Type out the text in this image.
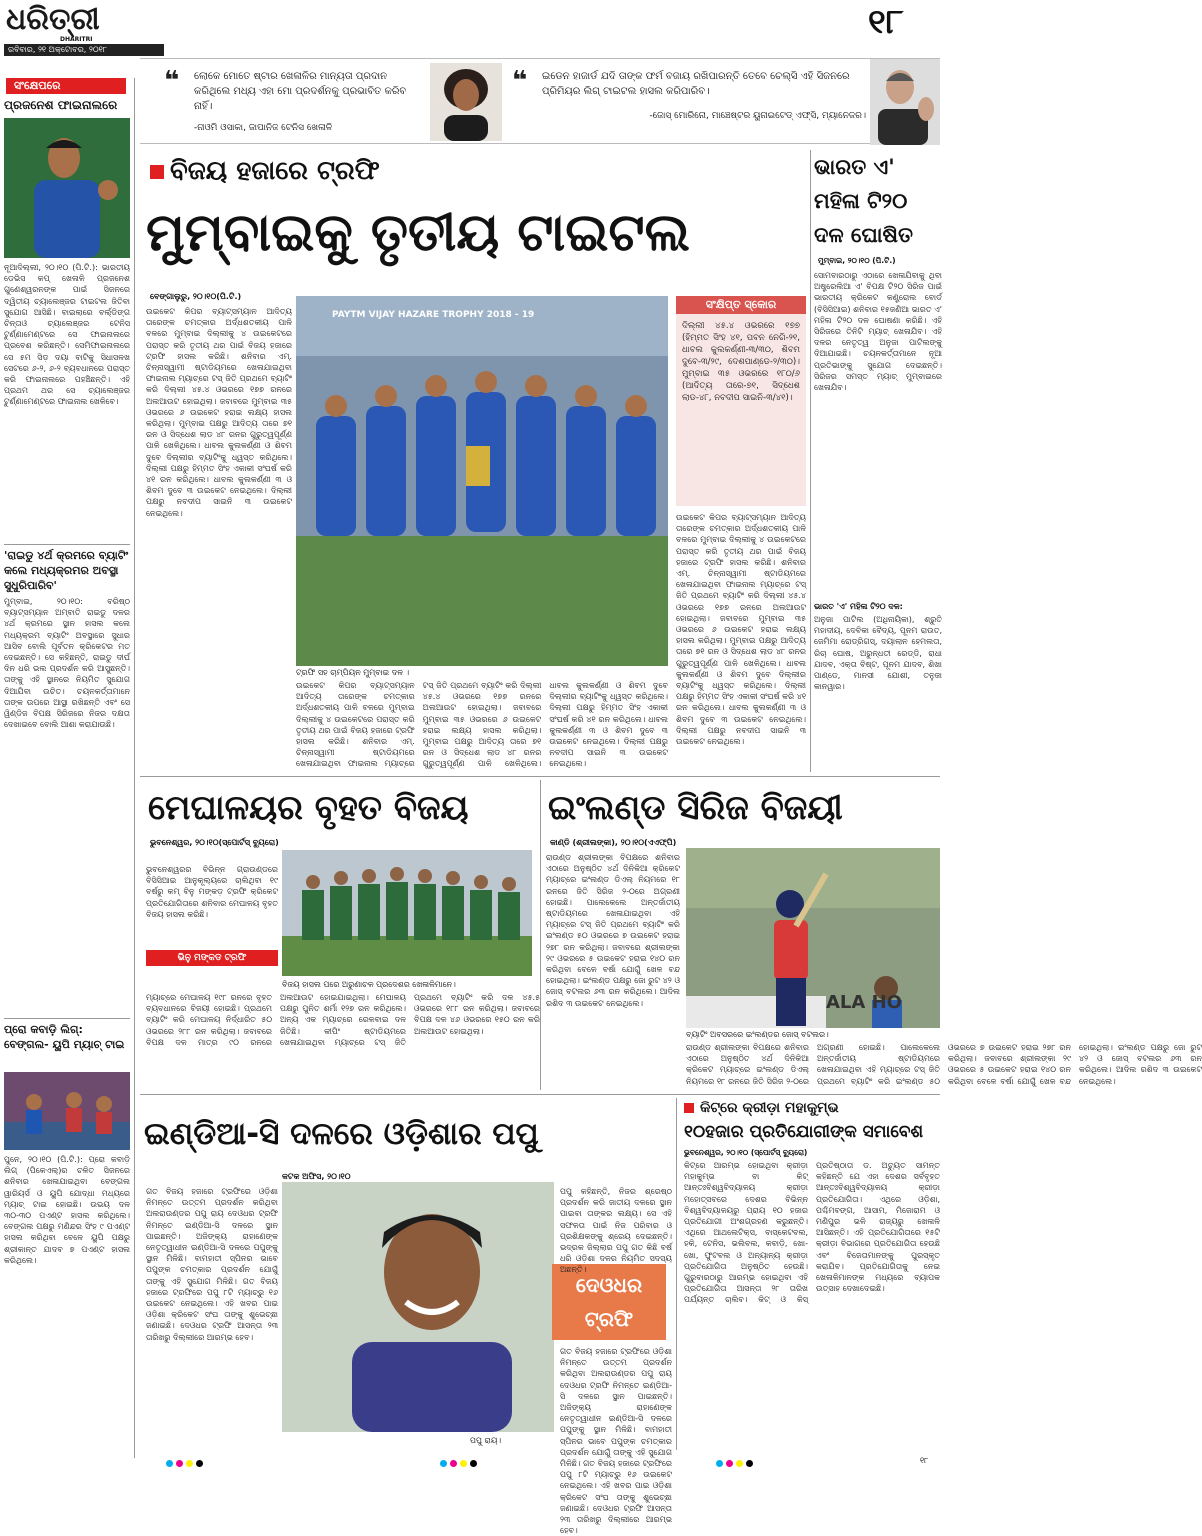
ଧରିତ୍ରୀ
DHARITRI
ରବିବାର, ୨୧ ଅକ୍ଟୋବର, ୨୦୧୮
୧୮
❝ ଲୋକେ ମୋତେ ଷ୍ଟାର ଖେଳାଳିର ମାନ୍ୟତା ପ୍ରଦାନ କରିଥିଲେ ମଧ୍ୟ ଏହା ମୋ ପ୍ରଦର୍ଶନକୁ ପ୍ରଭାବିତ କରିବ ନାହିଁ।
-ନାଓମି ଓସାକା, ଜାପାନିଜ ଟେନିସ ଖେଳାଳି
❝ ଇଡେନ ହାଜାର୍ଡ ଯଦି ତାଙ୍କ ଫର୍ମ ବଜାୟ ରଖିପାରନ୍ତି ତେବେ ଚେଲ୍ସି ଏହି ସିଜନରେ ପ୍ରିମିୟର ଲିଗ୍ ଟାଇଟଲ ହାସଲ କରିପାରିବ।
-ଜୋସ୍ ମୋରିନୋ, ମାଞ୍ଚେଷ୍ଟର ୟୁନାଇଟେଡ୍ ଏଫ୍‌ସି, ମ୍ୟାନେଜର।
ସଂକ୍ଷେପରେ
ପ୍ରଜନେଶ ଫାଇନାଲରେ
ନୂଆଦିଲ୍ଲୀ, ୨୦।୧୦ (ପି.ଟି.): ଭାରତୀୟ ଡେଭିସ କପ୍ ଖେଳାଳି ପ୍ରଜନେଶ ଗୁଣେଶ୍ୱରନଙ୍କ ପାଇଁ ସିଜନରେ ଦ୍ୱିତୀୟ ଚ୍ୟାଲେଞ୍ଜର ଟାଇଟଲ ଜିତିବା ସୁଯୋଗ ଆସିଛି। ବାଇଲାରେ ବର୍ଲ୍ଡିଙ୍ଗ ଚିନ୍ତାଓ ଚ୍ୟାଲେଞ୍ଜର ଟେନିସ ଟୁର୍ଣ୍ଣାମେଣ୍ଟରେ ସେ ଫାଇନାଲରେ ପ୍ରବେଶ କରିଛନ୍ତି। ସେମିଫାଇନାଲରେ ସେ ୫ମ ସିଡ଼ ଦୟା ବାଟିକୁ ସିଧାସଳଖ ସେଟରେ ୬-୨, ୬-୨ ବ୍ୟବଧାନରେ ପରାସ୍ତ କରି ଫାଇନାଲରେ ପହଞ୍ଚିଛନ୍ତି। ଏହି ପ୍ରଥମ ଥର ସେ ଚ୍ୟାଲେଞ୍ଜର ଟୁର୍ଣ୍ଣାମେଣ୍ଟରେ ଫାଇନାଲ ଖେଳିବେ।
'ରାଇଡୁ ୪ର୍ଥ କ୍ରମରେ ବ୍ୟାଟିଂ କଲେ ମଧ୍ୟକ୍ରମର ଅବସ୍ଥା ସୁଧୁରିପାରିବ'
ମୁମ୍ବାଇ, ୨୦।୧୦: ବରିଷ୍ଠ ବ୍ୟାଟ୍ସମ୍ୟାନ ଅମ୍ବାତି ରାଇଡୁ ଦଳର ୪ର୍ଥ କ୍ରମରେ ସ୍ଥାନ ହାସଲ କଲେ ମଧ୍ୟକ୍ରମ ବ୍ୟାଟିଂ ଅବସ୍ଥାରେ ସୁଧାର ଆସିବ ବୋଲି ପୂର୍ବତନ କ୍ରିକେଟର ମତ ଦେଇଛନ୍ତି। ସେ କହିଛନ୍ତି, ରାଇଡୁ ଦୀର୍ଘ ଦିନ ଧରି ଭଲ ପ୍ରଦର୍ଶନ କରି ଆସୁଛନ୍ତି। ତାଙ୍କୁ ଏହି ସ୍ଥାନରେ ନିୟମିତ ସୁଯୋଗ ଦିଆଯିବା ଉଚିତ। ଚୟନକର୍ତ୍ତାମାନେ ତାଙ୍କ ଉପରେ ଆସ୍ଥା ରଖିଛନ୍ତି ଏବଂ ସେ ୱିଣ୍ଡିଜ ବିପକ୍ଷ ସିରିଜରେ ନିଜର ଦକ୍ଷତା ଦେଖାଇବେ ବୋଲି ଆଶା କରାଯାଉଛି।
ପ୍ରୋ କବାଡ଼ି ଲିଗ୍: ବେଙ୍ଗଲ- ୟୁପି ମ୍ୟାଚ୍ ଟାଇ
ପୁନେ, ୨୦।୧୦ (ପି.ଟି.): ପ୍ରୋ କବାଡ଼ି ଲିଗ୍ (ପିକେଏଲ୍)ର ଚଳିତ ସିଜନରେ ଶନିବାର ଖେଳାଯାଇଥିବା ବେଙ୍ଗଲ ୱାରିୟର୍ସ ଓ ୟୁପି ଯୋଦ୍ଧା ମଧ୍ୟରେ ମ୍ୟାଚ୍ ଟାଇ ହୋଇଛି। ଉଭୟ ଦଳ ୩୦-୩୦ ପଏଣ୍ଟ ହାସଲ କରିଥିଲେ। ବେଙ୍ଗଲ ପକ୍ଷରୁ ମଣିନ୍ଦର ସିଂହ ୯ ପଏଣ୍ଟ ହାସଲ କରିଥିବା ବେଳେ ୟୁପି ପକ୍ଷରୁ ଶ୍ରୀକାନ୍ତ ଯାଦବ ୭ ପଏଣ୍ଟ ହାସଲ କରିଥିଲେ।
ବିଜୟ ହଜାରେ ଟ୍ରଫି
ମୁମ୍ବାଇକୁ ତୃତୀୟ ଟାଇଟଲ
ବେଙ୍ଗାଲୁରୁ, ୨୦।୧୦(ପି.ଟି.)
ଉଇକେଟ କିପର ବ୍ୟାଟ୍ସମ୍ୟାନ ଆଦିତ୍ୟ ତାରେଙ୍କ ଚମତ୍କାର ଅର୍ଦ୍ଧଶତକୀୟ ପାଳି ବଳରେ ମୁମ୍ବାଇ ଦିଲ୍ଲୀକୁ ୪ ଉଇକେଟରେ ପରାସ୍ତ କରି ତୃତୀୟ ଥର ପାଇଁ ବିଜୟ ହଜାରେ ଟ୍ରଫି ହାସଲ କରିଛି। ଶନିବାର ଏମ୍. ଚିନ୍ନାସ୍ୱାମୀ ଷ୍ଟାଡିୟମରେ ଖେଳାଯାଇଥିବା ଫାଇନାଲ ମ୍ୟାଚ୍‌ରେ ଟସ୍ ଜିତି ପ୍ରଥମେ ବ୍ୟାଟିଂ କରି ଦିଲ୍ଲୀ ୪୫.୪ ଓଭରରେ ୧୭୭ ରନରେ ଅଲଆଉଟ ହୋଇଥିଲା। ଜବାବରେ ମୁମ୍ବାଇ ୩୫ ଓଭରରେ ୬ ଉଇକେଟ ହରାଇ ଲକ୍ଷ୍ୟ ହାସଲ କରିଥିଲା। ମୁମ୍ବାଇ ପକ୍ଷରୁ ଆଦିତ୍ୟ ତାରେ ୭୧ ରନ ଓ ସିଦ୍ଧେଶ ଲାଡ ୪୮ ରନର ଗୁରୁତ୍ୱପୂର୍ଣ୍ଣ ପାଳି ଖେଳିଥିଲେ। ଧାବଲ କୁଲକର୍ଣ୍ଣୀ ଓ ଶିବମ ଦୁବେ ଦିଲ୍ଲୀର ବ୍ୟାଟିଂକୁ ଧ୍ୱସ୍ତ କରିଥିଲେ। ଦିଲ୍ଲୀ ପକ୍ଷରୁ ହିମ୍ମତ ସିଂହ ଏକାକୀ ସଂଘର୍ଷ କରି ୪୧ ରନ କରିଥିଲେ। ଧାବଲ କୁଲକର୍ଣ୍ଣୀ ୩ ଓ ଶିବମ ଦୁବେ ୩ ଉଇକେଟ ନେଇଥିଲେ। ଦିଲ୍ଲୀ ପକ୍ଷରୁ ନବଦୀପ ସାଇନି ୩ ଉଇକେଟ ନେଇଥିଲେ।
PAYTM VIJAY HAZARE TROPHY 2018 - 19
ଟ୍ରଫି ସହ ଚାମ୍ପିୟନ ମୁମ୍ବାଇ ଦଳ ।
ଉଇକେଟ କିପର ବ୍ୟାଟ୍ସମ୍ୟାନ ଆଦିତ୍ୟ ତାରେଙ୍କ ଚମତ୍କାର ଅର୍ଦ୍ଧଶତକୀୟ ପାଳି ବଳରେ ମୁମ୍ବାଇ ଦିଲ୍ଲୀକୁ ୪ ଉଇକେଟରେ ପରାସ୍ତ କରି ତୃତୀୟ ଥର ପାଇଁ ବିଜୟ ହଜାରେ ଟ୍ରଫି ହାସଲ କରିଛି। ଶନିବାର ଏମ୍. ଚିନ୍ନାସ୍ୱାମୀ ଷ୍ଟାଡିୟମରେ ଖେଳାଯାଇଥିବା ଫାଇନାଲ ମ୍ୟାଚ୍‌ରେ ଟସ୍ ଜିତି ପ୍ରଥମେ ବ୍ୟାଟିଂ କରି ଦିଲ୍ଲୀ ୪୫.୪ ଓଭରରେ ୧୭୭ ରନରେ ଅଲଆଉଟ ହୋଇଥିଲା। ଜବାବରେ ମୁମ୍ବାଇ ୩୫ ଓଭରରେ ୬ ଉଇକେଟ ହରାଇ ଲକ୍ଷ୍ୟ ହାସଲ କରିଥିଲା। ମୁମ୍ବାଇ ପକ୍ଷରୁ ଆଦିତ୍ୟ ତାରେ ୭୧ ରନ ଓ ସିଦ୍ଧେଶ ଲାଡ ୪୮ ରନର ଗୁରୁତ୍ୱପୂର୍ଣ୍ଣ ପାଳି ଖେଳିଥିଲେ। ଧାବଲ କୁଲକର୍ଣ୍ଣୀ ଓ ଶିବମ ଦୁବେ ଦିଲ୍ଲୀର ବ୍ୟାଟିଂକୁ ଧ୍ୱସ୍ତ କରିଥିଲେ। ଦିଲ୍ଲୀ ପକ୍ଷରୁ ହିମ୍ମତ ସିଂହ ଏକାକୀ ସଂଘର୍ଷ କରି ୪୧ ରନ କରିଥିଲେ। ଧାବଲ କୁଲକର୍ଣ୍ଣୀ ୩ ଓ ଶିବମ ଦୁବେ ୩ ଉଇକେଟ ନେଇଥିଲେ। ଦିଲ୍ଲୀ ପକ୍ଷରୁ ନବଦୀପ ସାଇନି ୩ ଉଇକେଟ ନେଇଥିଲେ।
ସଂକ୍ଷିପ୍ତ ସ୍କୋର
ଦିଲ୍ଲୀ ୪୫.୪ ଓଭରରେ ୧୭୭ (ହିମ୍ମତ ସିଂହ ୪୧, ପବନ ନେଗି-୨୧, ଧାବଲ କୁଲକର୍ଣ୍ଣୀ-୩/୩୦, ଶିବମ ଦୁବେ-୩/୨୯, ଦେଶପାଣ୍ଡେ-୨/୩୦)। ମୁମ୍ବାଇ ୩୫ ଓଭରରେ ୧୮୦/୬ (ଆଦିତ୍ୟ ତାରେ-୭୧, ସିଦ୍ଧେଶ ଲାଡ-୪୮, ନବଦୀପ ସାଇନି-୩/୪୧)।
ଉଇକେଟ କିପର ବ୍ୟାଟ୍ସମ୍ୟାନ ଆଦିତ୍ୟ ତାରେଙ୍କ ଚମତ୍କାର ଅର୍ଦ୍ଧଶତକୀୟ ପାଳି ବଳରେ ମୁମ୍ବାଇ ଦିଲ୍ଲୀକୁ ୪ ଉଇକେଟରେ ପରାସ୍ତ କରି ତୃତୀୟ ଥର ପାଇଁ ବିଜୟ ହଜାରେ ଟ୍ରଫି ହାସଲ କରିଛି। ଶନିବାର ଏମ୍. ଚିନ୍ନାସ୍ୱାମୀ ଷ୍ଟାଡିୟମରେ ଖେଳାଯାଇଥିବା ଫାଇନାଲ ମ୍ୟାଚ୍‌ରେ ଟସ୍ ଜିତି ପ୍ରଥମେ ବ୍ୟାଟିଂ କରି ଦିଲ୍ଲୀ ୪୫.୪ ଓଭରରେ ୧୭୭ ରନରେ ଅଲଆଉଟ ହୋଇଥିଲା। ଜବାବରେ ମୁମ୍ବାଇ ୩୫ ଓଭରରେ ୬ ଉଇକେଟ ହରାଇ ଲକ୍ଷ୍ୟ ହାସଲ କରିଥିଲା। ମୁମ୍ବାଇ ପକ୍ଷରୁ ଆଦିତ୍ୟ ତାରେ ୭୧ ରନ ଓ ସିଦ୍ଧେଶ ଲାଡ ୪୮ ରନର ଗୁରୁତ୍ୱପୂର୍ଣ୍ଣ ପାଳି ଖେଳିଥିଲେ। ଧାବଲ କୁଲକର୍ଣ୍ଣୀ ଓ ଶିବମ ଦୁବେ ଦିଲ୍ଲୀର ବ୍ୟାଟିଂକୁ ଧ୍ୱସ୍ତ କରିଥିଲେ। ଦିଲ୍ଲୀ ପକ୍ଷରୁ ହିମ୍ମତ ସିଂହ ଏକାକୀ ସଂଘର୍ଷ କରି ୪୧ ରନ କରିଥିଲେ। ଧାବଲ କୁଲକର୍ଣ୍ଣୀ ୩ ଓ ଶିବମ ଦୁବେ ୩ ଉଇକେଟ ନେଇଥିଲେ। ଦିଲ୍ଲୀ ପକ୍ଷରୁ ନବଦୀପ ସାଇନି ୩ ଉଇକେଟ ନେଇଥିଲେ।
ଭାରତ ଏ' ମହିଳା ଟି୨୦ ଦଳ ଘୋଷିତ
ମୁମ୍ବାଇ, ୨୦।୧୦ (ପି.ଟି.)
ସୋମବାରଠାରୁ ଏଠାରେ ଖେଳାଯିବାକୁ ଥିବା ଅଷ୍ଟ୍ରେଲିଆ ଏ' ବିପକ୍ଷ ଟି୨୦ ସିରିଜ ପାଇଁ ଭାରତୀୟ କ୍ରିକେଟ କଣ୍ଟ୍ରୋଲ ବୋର୍ଡ (ବିସିସିଆଇ) ଶନିବାର ୧୫ଜଣିଆ ଭାରତ ଏ' ମହିଳା ଟି୨୦ ଦଳ ଘୋଷଣା କରିଛି। ଏହି ସିରିଜରେ ତିନିଟି ମ୍ୟାଚ୍ ଖେଳାଯିବ। ଏହି ଦଳର ନେତୃତ୍ୱ ଅନୁଜା ପାଟିଲଙ୍କୁ ଦିଆଯାଇଛି। ଚୟନକର୍ତ୍ତାମାନେ ନୂଆ ପ୍ରତିଭାଙ୍କୁ ସୁଯୋଗ ଦେଇଛନ୍ତି। ସିରିଜର ସମସ୍ତ ମ୍ୟାଚ୍ ମୁମ୍ବାଇରେ ଖେଳାଯିବ।
ଭାରତ 'ଏ' ମହିଳା ଟି୨୦ ଦଳ:
ଅନୁଜା ପାଟିଲ (ଅଧିନାୟିକା), ଶ୍ରୁତି ମହାଦୀୟ, ଦେବିକା ବୈଦ୍ୟ, ପୂନମ ରାଉତ, ଜେମିମା ରୋଡ୍ରିଗସ୍, ଦୟାଲାନ ହେମଲତା, ରିଚା ଘୋଷ, ଅରୁନ୍ଧତୀ ରେଡ୍ଡି, ରାଧା ଯାଦବ, ଏକ୍ତା ବିଷ୍ଟ, ପୂନମ ଯାଦବ, ଶିଖା ପାଣ୍ଡେ, ମାନସୀ ଯୋଶୀ, ତନୁଜା କାନୱାର।
ମେଘାଳୟର ବୃହତ ବିଜୟ
ଭୁବନେଶ୍ୱର, ୨୦।୧୦(ସ୍ପୋର୍ଟସ୍ ବ୍ୟୁରୋ)
ଭୁବନେଶ୍ୱରର ବିଭିନ୍ନ ଗ୍ରାଉଣ୍ଡରେ ବିସିସିଆଇ ଆନୁକୂଲ୍ୟରେ ଚାଲିଥିବା ୧୯ ବର୍ଷରୁ କମ୍ ବିନୁ ମଙ୍କଡ଼ ଟ୍ରଫି କ୍ରିକେଟ ପ୍ରତିଯୋଗିତାରେ ଶନିବାର ମେଘାଳୟ ବୃହତ ବିଜୟ ହାସଲ କରିଛି।
ଭିନୁ ମଙ୍କଡ ଟ୍ରଫି
ବିଜୟ ହାସଲ ପରେ ଅରୁଣାଚଳ ପ୍ରଦେଶର ଖେଳାଳିମାନେ।
ମ୍ୟାଚ୍‌ରେ ମେଘାଳୟ ୧୯୮ ରନରେ ବୃହତ ବ୍ୟବଧାନରେ ବିଜୟୀ ହୋଇଛି। ପ୍ରଥମେ ବ୍ୟାଟିଂ କରି ମେଘାଳୟ ନିର୍ଦ୍ଧାରିତ ୫୦ ଓଭରରେ ୨୮୮ ରନ କରିଥିଲା। ଜବାବରେ ବିପକ୍ଷ ଦଳ ମାତ୍ର ୯୦ ରନରେ ଅଲଆଉଟ ହୋଇଯାଇଥିଲା। ମେଘାଳୟ ପକ୍ଷରୁ ପୁନିତ ଶର୍ମା ୧୨୭ ରନ କରିଥିଲେ। ଅନ୍ୟ ଏକ ମ୍ୟାଚ୍‌ରେ ରେଳବାଇ ଦଳ ଜିତିଛି। କୀପିଂ ଷ୍ଟାଡିୟମରେ ଖେଳାଯାଇଥିବା ମ୍ୟାଚ୍‌ରେ ଟସ୍ ଜିତି ପ୍ରଥମେ ବ୍ୟାଟିଂ କରି ଦଳ ୪୫.୫ ଓଭରରେ ୧୮୮ ରନ କରିଥିଲା। ଜବାବରେ ବିପକ୍ଷ ଦଳ ୪୬ ଓଭରରେ ୧୫୦ ରନ କରି ଅଲଆଉଟ ହୋଇଥିଲା।
ଇଂଲଣ୍ଡ ସିରିଜ ବିଜୟୀ
କାଣ୍ଡି (ଶ୍ରୀଲଙ୍କା), ୨୦।୧୦(ଏଏଫ୍‌ପି)
ରାଉଣ୍ଡ ଶ୍ରୀଲଙ୍କା ବିପକ୍ଷରେ ଶନିବାର ଏଠାରେ ଅନୁଷ୍ଠିତ ୪ର୍ଥ ଦିନିକିଆ କ୍ରିକେଟ ମ୍ୟାଚ୍‌ରେ ଇଂଲଣ୍ଡ ଡିଏଲ୍ ନିୟମରେ ୧୮ ରନରେ ଜିତି ସିରିଜ ୨-୦ରେ ଅଗ୍ରଣୀ ହୋଇଛି। ପାଲେକେଲେ ଅନ୍ତର୍ଜାତୀୟ ଷ୍ଟାଡିୟମରେ ଖେଳାଯାଇଥିବା ଏହି ମ୍ୟାଚ୍‌ରେ ଟସ୍ ଜିତି ପ୍ରଥମେ ବ୍ୟାଟିଂ କରି ଇଂଲଣ୍ଡ ୫୦ ଓଭରରେ ୭ ଉଇକେଟ ହରାଇ ୨୭୮ ରନ କରିଥିଲା। ଜବାବରେ ଶ୍ରୀଲଙ୍କା ୨୯ ଓଭରରେ ୫ ଉଇକେଟ ହରାଇ ୧୪୦ ରନ କରିଥିବା ବେଳେ ବର୍ଷା ଯୋଗୁଁ ଖେଳ ବନ୍ଦ ହୋଇଥିଲା। ଇଂଲଣ୍ଡ ପକ୍ଷରୁ ଜୋ ରୁଟ ୪୨ ଓ ଜୋସ୍ ବଟଲର ୬୩ ରନ କରିଥିଲେ। ଆଦିଲ ରଶିଦ ୩ ଉଇକେଟ ନେଇଥିଲେ।	ALA HO
ବ୍ୟାଟିଂ ଅବସରରେ ଇଂଲଣ୍ଡର ଜୋସ୍ ବଟଲର।
ରାଉଣ୍ଡ ଶ୍ରୀଲଙ୍କା ବିପକ୍ଷରେ ଶନିବାର ଏଠାରେ ଅନୁଷ୍ଠିତ ୪ର୍ଥ ଦିନିକିଆ କ୍ରିକେଟ ମ୍ୟାଚ୍‌ରେ ଇଂଲଣ୍ଡ ଡିଏଲ୍ ନିୟମରେ ୧୮ ରନରେ ଜିତି ସିରିଜ ୨-୦ରେ ଅଗ୍ରଣୀ ହୋଇଛି। ପାଲେକେଲେ ଅନ୍ତର୍ଜାତୀୟ ଷ୍ଟାଡିୟମରେ ଖେଳାଯାଇଥିବା ଏହି ମ୍ୟାଚ୍‌ରେ ଟସ୍ ଜିତି ପ୍ରଥମେ ବ୍ୟାଟିଂ କରି ଇଂଲଣ୍ଡ ୫୦ ଓଭରରେ ୭ ଉଇକେଟ ହରାଇ ୨୭୮ ରନ କରିଥିଲା। ଜବାବରେ ଶ୍ରୀଲଙ୍କା ୨୯ ଓଭରରେ ୫ ଉଇକେଟ ହରାଇ ୧୪୦ ରନ କରିଥିବା ବେଳେ ବର୍ଷା ଯୋଗୁଁ ଖେଳ ବନ୍ଦ ହୋଇଥିଲା। ଇଂଲଣ୍ଡ ପକ୍ଷରୁ ଜୋ ରୁଟ ୪୨ ଓ ଜୋସ୍ ବଟଲର ୬୩ ରନ କରିଥିଲେ। ଆଦିଲ ରଶିଦ ୩ ଉଇକେଟ ନେଇଥିଲେ।
ଇଣ୍ଡିଆ-ସି ଦଳରେ ଓଡ଼ିଶାର ପପୁ
କଟକ ଅଫିସ, ୨୦।୧୦
ଗତ ବିଜୟ ହଜାରେ ଟ୍ରଫିରେ ଓଡ଼ିଶା ନିମନ୍ତେ ଉତ୍ତମ ପ୍ରଦର୍ଶନ କରିଥିବା ଅଲରାଉଣ୍ଡର ପପୁ ରାୟ ଦେଓଧର ଟ୍ରଫି ନିମନ୍ତେ ଇଣ୍ଡିଆ-ସି ଦଳରେ ସ୍ଥାନ ପାଇଛନ୍ତି। ଅଜିଙ୍କ୍ୟ ରାହାଣେଙ୍କ ନେତୃତ୍ୱାଧୀନ ଇଣ୍ଡିଆ-ସି ଦଳରେ ପପୁଙ୍କୁ ସ୍ଥାନ ମିଳିଛି। ବାମହାତୀ ସ୍ପିନର ଭାବେ ପପୁଙ୍କ ଚମତ୍କାର ପ୍ରଦର୍ଶନ ଯୋଗୁଁ ତାଙ୍କୁ ଏହି ସୁଯୋଗ ମିଳିଛି। ଗତ ବିଜୟ ହଜାରେ ଟ୍ରଫିରେ ପପୁ ୮ଟି ମ୍ୟାଚ୍‌ରୁ ୧୬ ଉଇକେଟ ନେଇଥିଲେ। ଏହି ଖବର ପାଇ ଓଡ଼ିଶା କ୍ରିକେଟ ସଂଘ ତାଙ୍କୁ ଶୁଭେଚ୍ଛା ଜଣାଇଛି। ଦେଓଧର ଟ୍ରଫି ଆସନ୍ତା ୨୩ ତାରିଖରୁ ଦିଲ୍ଲୀରେ ଆରମ୍ଭ ହେବ।
ଦେଓଧର ଟ୍ରଫି
ପପୁ ରାୟ।
ପପୁ କହିଛନ୍ତି, ନିଜର ଶ୍ରେଷ୍ଠ ପ୍ରଦର୍ଶନ କରି ଜାତୀୟ ଦଳରେ ସ୍ଥାନ ପାଇବା ତାଙ୍କର ଲକ୍ଷ୍ୟ। ସେ ଏହି ସଫଳତା ପାଇଁ ନିଜ ପରିବାର ଓ ପ୍ରଶିକ୍ଷକଙ୍କୁ ଶ୍ରେୟ ଦେଇଛନ୍ତି। ଭଦ୍ରକ ଜିଲ୍ଲାର ପପୁ ଗତ କିଛି ବର୍ଷ ଧରି ଓଡ଼ିଶା ଦଳର ନିୟମିତ ସଦସ୍ୟ ଅଛନ୍ତି।
ଗତ ବିଜୟ ହଜାରେ ଟ୍ରଫିରେ ଓଡ଼ିଶା ନିମନ୍ତେ ଉତ୍ତମ ପ୍ରଦର୍ଶନ କରିଥିବା ଅଲରାଉଣ୍ଡର ପପୁ ରାୟ ଦେଓଧର ଟ୍ରଫି ନିମନ୍ତେ ଇଣ୍ଡିଆ-ସି ଦଳରେ ସ୍ଥାନ ପାଇଛନ୍ତି। ଅଜିଙ୍କ୍ୟ ରାହାଣେଙ୍କ ନେତୃତ୍ୱାଧୀନ ଇଣ୍ଡିଆ-ସି ଦଳରେ ପପୁଙ୍କୁ ସ୍ଥାନ ମିଳିଛି। ବାମହାତୀ ସ୍ପିନର ଭାବେ ପପୁଙ୍କ ଚମତ୍କାର ପ୍ରଦର୍ଶନ ଯୋଗୁଁ ତାଙ୍କୁ ଏହି ସୁଯୋଗ ମିଳିଛି। ଗତ ବିଜୟ ହଜାରେ ଟ୍ରଫିରେ ପପୁ ୮ଟି ମ୍ୟାଚ୍‌ରୁ ୧୬ ଉଇକେଟ ନେଇଥିଲେ। ଏହି ଖବର ପାଇ ଓଡ଼ିଶା କ୍ରିକେଟ ସଂଘ ତାଙ୍କୁ ଶୁଭେଚ୍ଛା ଜଣାଇଛି। ଦେଓଧର ଟ୍ରଫି ଆସନ୍ତା ୨୩ ତାରିଖରୁ ଦିଲ୍ଲୀରେ ଆରମ୍ଭ ହେବ।
କିଟ୍‌ରେ କ୍ରୀଡ଼ା ମହାକୁମ୍ଭ
୧୦ହଜାର ପ୍ରତିଯୋଗୀଙ୍କ ସମାବେଶ
ଭୁବନେଶ୍ୱର, ୨୦।୧୦ (ସ୍ପୋର୍ଟସ୍ ବ୍ୟୁରୋ)
କିଟ୍‌ରେ ଆରମ୍ଭ ହୋଇଥିବା କ୍ରୀଡ଼ା ମହାକୁମ୍ଭ ବା କିଟ୍ ଆନ୍ତଃବିଶ୍ୱବିଦ୍ୟାଳୟ କ୍ରୀଡ଼ା ମହୋତ୍ସବରେ ଦେଶର ବିଭିନ୍ନ ବିଶ୍ୱବିଦ୍ୟାଳୟରୁ ପ୍ରାୟ ୧୦ ହଜାର ପ୍ରତିଯୋଗୀ ଅଂଶଗ୍ରହଣ କରୁଛନ୍ତି। ଏଥିରେ ଆଥଲେଟିକ୍ସ, ବାସ୍କେଟବଲ, ହକି, ଟେନିସ, ଭଲିବଲ, କବାଡ଼ି, ଖୋ-ଖୋ, ଫୁଟବଲ ଓ ଅନ୍ୟାନ୍ୟ କ୍ରୀଡ଼ା ପ୍ରତିଯୋଗିତା ଅନୁଷ୍ଠିତ ହେଉଛି। ଗୁରୁବାରଠାରୁ ଆରମ୍ଭ ହୋଇଥିବା ଏହି ପ୍ରତିଯୋଗିତା ଆସନ୍ତା ୨୮ ତାରିଖ ପର୍ଯ୍ୟନ୍ତ ଚାଲିବ। କିଟ୍ ଓ କିସ୍ ପ୍ରତିଷ୍ଠାତା ଡ. ଅଚ୍ୟୁତ ସାମନ୍ତ କହିଛନ୍ତି ଯେ ଏହା ଦେଶର ସର୍ବବୃହତ ଆନ୍ତଃବିଶ୍ୱବିଦ୍ୟାଳୟ କ୍ରୀଡ଼ା ପ୍ରତିଯୋଗିତା। ଏଥିରେ ଓଡ଼ିଶା, ପଶ୍ଚିମବଙ୍ଗ, ଆସାମ, ମିଜୋରାମ ଓ ମଣିପୁର ଭଳି ରାଜ୍ୟରୁ ଖେଳାଳି ଆସିଛନ୍ତି। ଏହି ପ୍ରତିଯୋଗିତାରେ ୧୫ଟି କ୍ରୀଡ଼ା ବିଭାଗରେ ପ୍ରତିଯୋଗିତା ହେଉଛି ଏବଂ ବିଜେତାମାନଙ୍କୁ ପୁରସ୍କୃତ କରାଯିବ। ପ୍ରତିଯୋଗିତାକୁ ନେଇ ଖେଳାଳିମାନଙ୍କ ମଧ୍ୟରେ ବ୍ୟାପକ ଉତ୍ସାହ ଦେଖାଦେଇଛି।
୧୮
